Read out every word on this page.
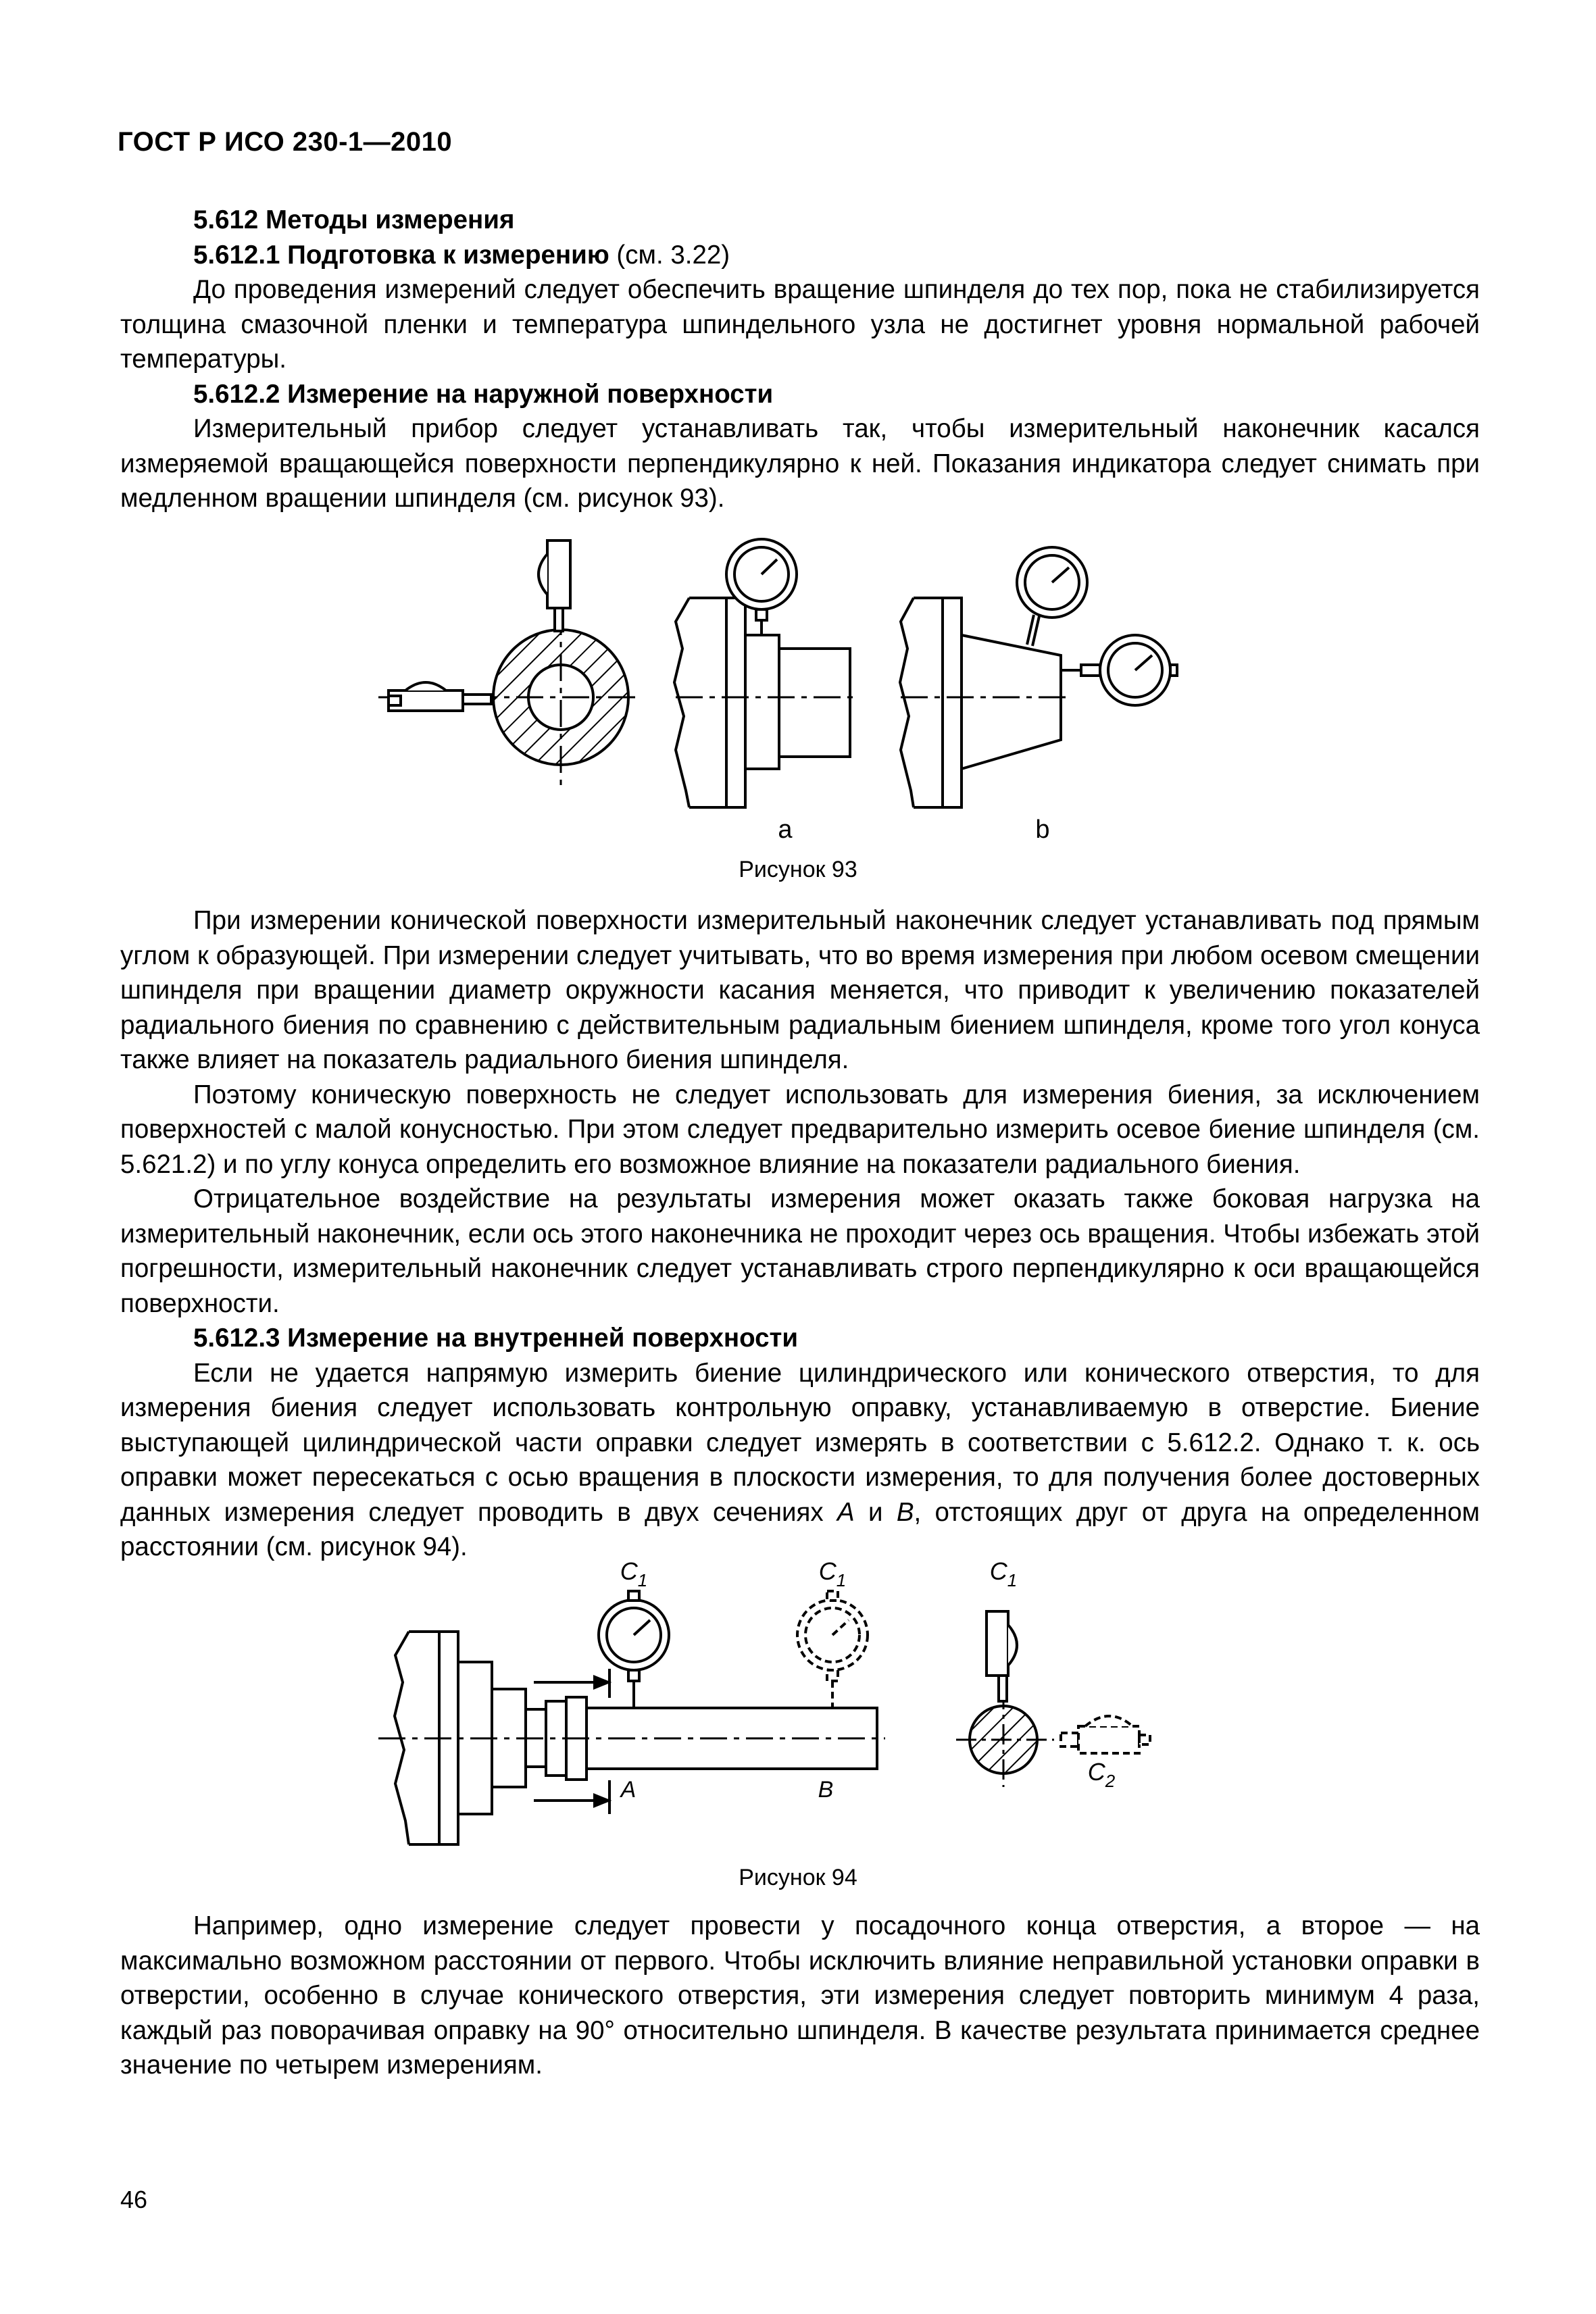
ГОСТ Р ИСО 230-1—2010

5.612 Методы измерения

5.612.1 Подготовка к измерению (см. 3.22)

До проведения измерений следует обеспечить вращение шпинделя до тех пор, пока не стабилизируется толщина смазочной пленки и температура шпиндельного узла не достигнет уровня нормальной рабочей температуры.

5.612.2 Измерение на наружной поверхности

Измерительный прибор следует устанавливать так, чтобы измерительный наконечник касался измеряемой вращающейся поверхности перпендикулярно к ней. Показания индикатора следует снимать при медленном вращении шпинделя (см. рисунок 93).

a	b
Рисунок 93

При измерении конической поверхности измерительный наконечник следует устанавливать под прямым углом к образующей. При измерении следует учитывать, что во время измерения при любом осевом смещении шпинделя при вращении диаметр окружности касания меняется, что приводит к увеличению показателей радиального биения по сравнению с действительным радиальным биением шпинделя, кроме того угол конуса также влияет на показатель радиального биения шпинделя.

Поэтому коническую поверхность не следует использовать для измерения биения, за исключением поверхностей с малой конусностью. При этом следует предварительно измерить осевое биение шпинделя (см. 5.621.2) и по углу конуса определить его возможное влияние на показатели радиального биения.

Отрицательное воздействие на результаты измерения может оказать также боковая нагрузка на измерительный наконечник, если ось этого наконечника не проходит через ось вращения. Чтобы избежать этой погрешности, измерительный наконечник следует устанавливать строго перпендикулярно к оси вращающейся поверхности.

5.612.3 Измерение на внутренней поверхности

Если не удается напрямую измерить биение цилиндрического или конического отверстия, то для измерения биения следует использовать контрольную оправку, устанавливаемую в отверстие. Биение выступающей цилиндрической части оправки следует измерять в соответствии с 5.612.2. Однако т. к. ось оправки может пересекаться с осью вращения в плоскости измерения, то для получения более достоверных данных измерения следует проводить в двух сечениях А и В, отстоящих друг от друга на определенном расстоянии (см. рисунок 94).

$C_1$	$C_1$
A	B
$C_1$
$C_2$
Рисунок 94

Например, одно измерение следует провести у посадочного конца отверстия, а второе — на максимально возможном расстоянии от первого. Чтобы исключить влияние неправильной установки оправки в отверстии, особенно в случае конического отверстия, эти измерения следует повторить минимум 4 раза, каждый раз поворачивая оправку на 90° относительно шпинделя. В качестве результата принимается среднее значение по четырем измерениям.

46
